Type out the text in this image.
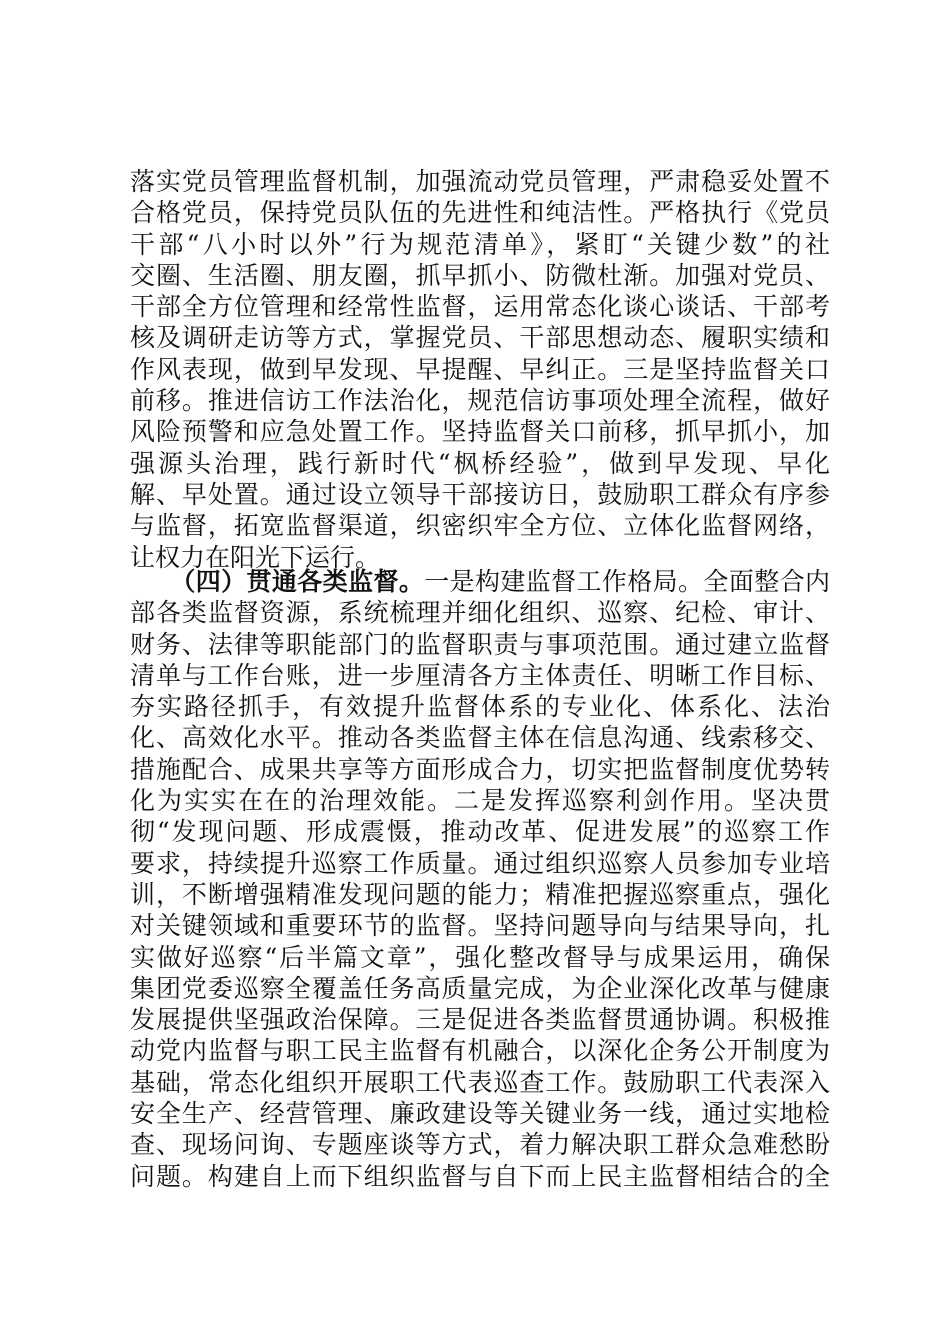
落实党员管理监督机制，加强流动党员管理，严肃稳妥处置不
合格党员，保持党员队伍的先进性和纯洁性。严格执行《党员
干部“八小时以外”行为规范清单》，紧盯“关键少数”的社
交圈、生活圈、朋友圈，抓早抓小、防微杜渐。加强对党员、
干部全方位管理和经常性监督，运用常态化谈心谈话、干部考
核及调研走访等方式，掌握党员、干部思想动态、履职实绩和
作风表现，做到早发现、早提醒、早纠正。三是坚持监督关口
前移。推进信访工作法治化，规范信访事项处理全流程，做好
风险预警和应急处置工作。坚持监督关口前移，抓早抓小，加
强源头治理，践行新时代“枫桥经验”，做到早发现、早化
解、早处置。通过设立领导干部接访日，鼓励职工群众有序参
与监督，拓宽监督渠道，织密织牢全方位、立体化监督网络，
让权力在阳光下运行。
（四）贯通各类监督。一是构建监督工作格局。全面整合内
部各类监督资源，系统梳理并细化组织、巡察、纪检、审计、
财务、法律等职能部门的监督职责与事项范围。通过建立监督
清单与工作台账，进一步厘清各方主体责任、明晰工作目标、
夯实路径抓手，有效提升监督体系的专业化、体系化、法治
化、高效化水平。推动各类监督主体在信息沟通、线索移交、
措施配合、成果共享等方面形成合力，切实把监督制度优势转
化为实实在在的治理效能。二是发挥巡察利剑作用。坚决贯
彻“发现问题、形成震慑，推动改革、促进发展”的巡察工作
要求，持续提升巡察工作质量。通过组织巡察人员参加专业培
训，不断增强精准发现问题的能力；精准把握巡察重点，强化
对关键领域和重要环节的监督。坚持问题导向与结果导向，扎
实做好巡察“后半篇文章”，强化整改督导与成果运用，确保
集团党委巡察全覆盖任务高质量完成，为企业深化改革与健康
发展提供坚强政治保障。三是促进各类监督贯通协调。积极推
动党内监督与职工民主监督有机融合，以深化企务公开制度为
基础，常态化组织开展职工代表巡查工作。鼓励职工代表深入
安全生产、经营管理、廉政建设等关键业务一线，通过实地检
查、现场问询、专题座谈等方式，着力解决职工群众急难愁盼
问题。构建自上而下组织监督与自下而上民主监督相结合的全
